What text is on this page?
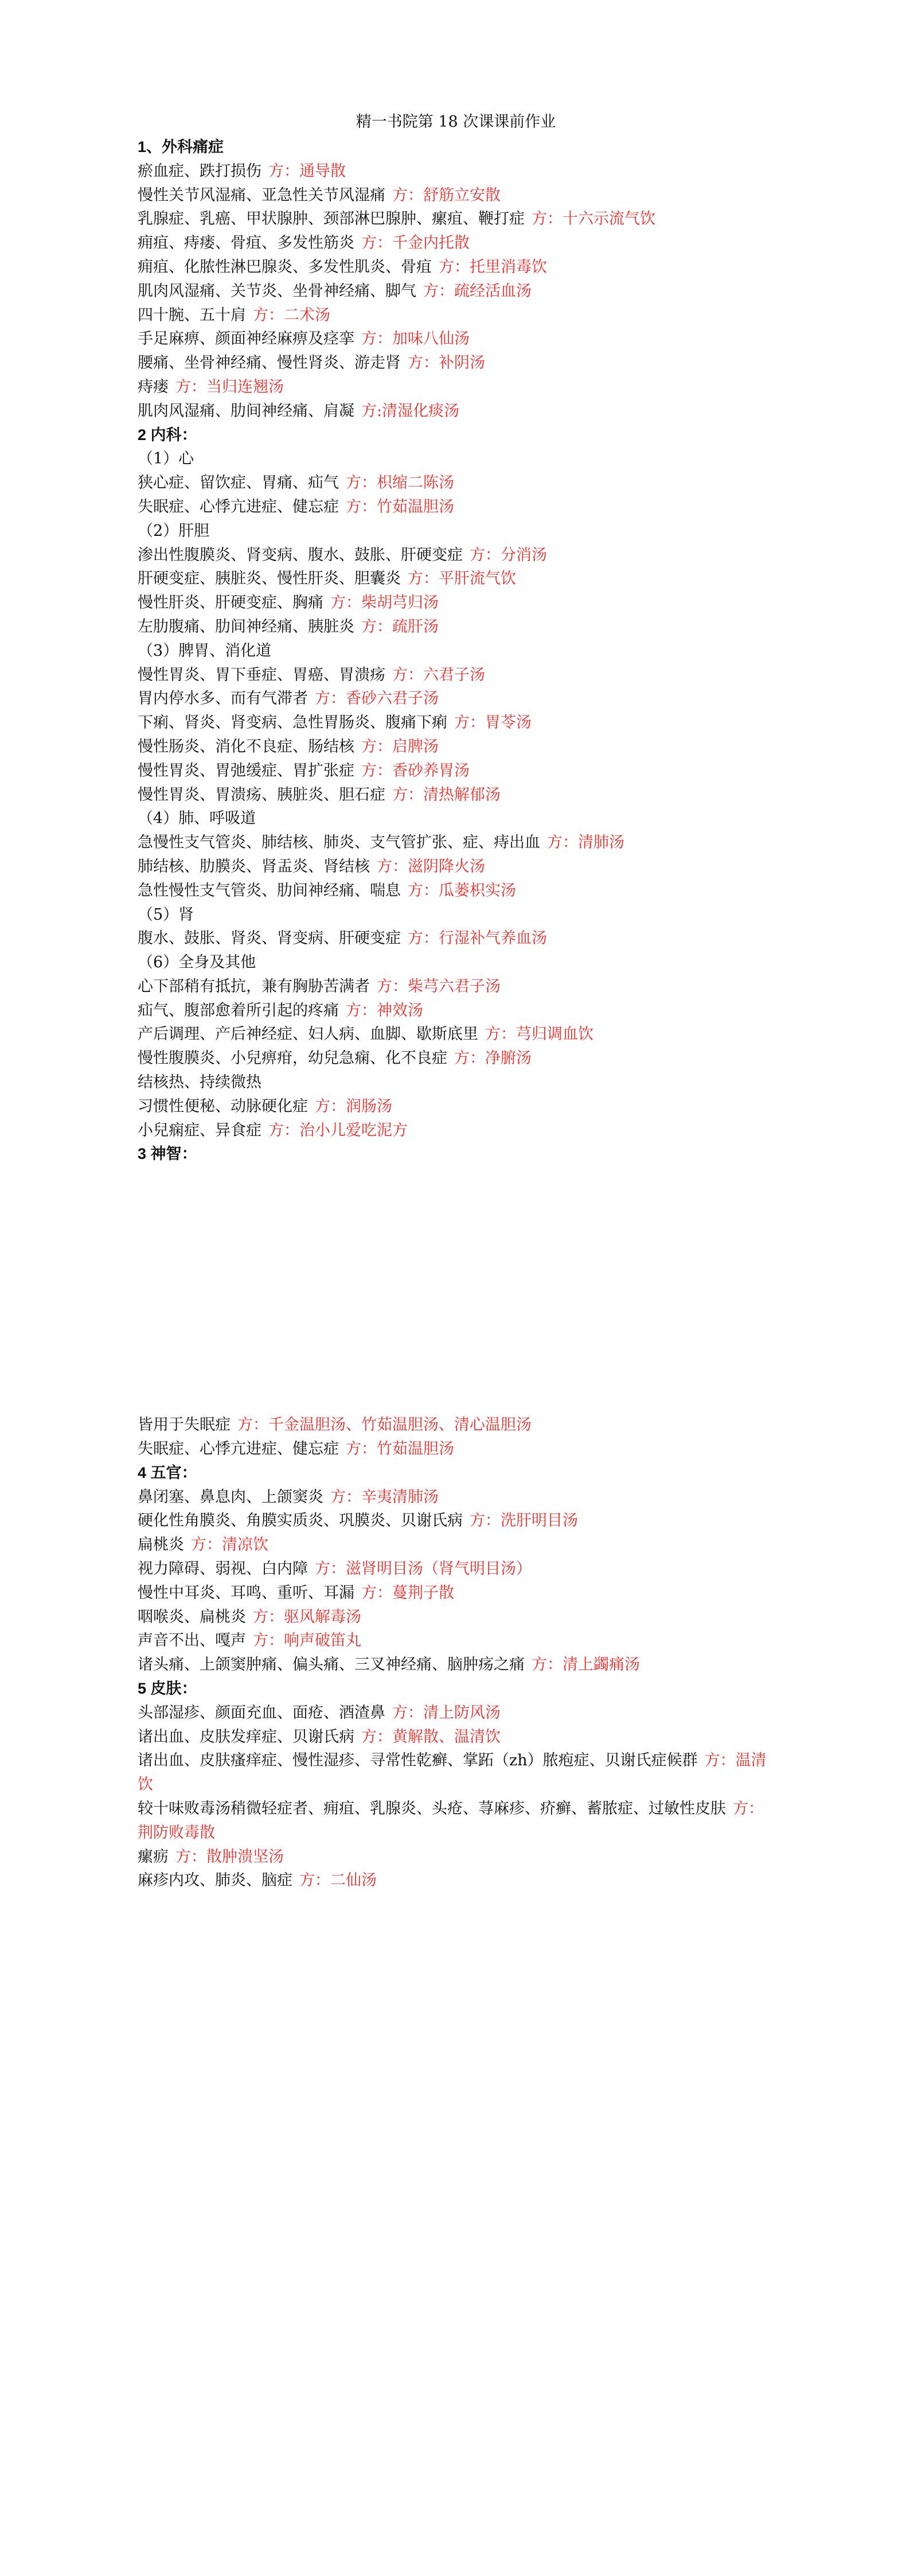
精一书院第 18 次课课前作业
1、外科痛症
瘀血症、跌打损伤 方：通导散
慢性关节风湿痛、亚急性关节风湿痛 方：舒筋立安散
乳腺症、乳癌、甲状腺肿、颈部淋巴腺肿、瘰疽、鞭打症 方：十六示流气饮
痈疽、痔瘘、骨疽、多发性筋炎 方：千金内托散
痈疽、化脓性淋巴腺炎、多发性肌炎、骨疽 方：托里消毒饮
肌肉风湿痛、关节炎、坐骨神经痛、脚气 方：疏经活血汤
四十腕、五十肩 方：二术汤
手足麻痹、颜面神经麻痹及痉挛 方：加味八仙汤
腰痛、坐骨神经痛、慢性肾炎、游走肾 方：补阴汤
痔瘘 方：当归连翘汤
肌肉风湿痛、肋间神经痛、肩凝 方:清湿化痰汤
2 内科：
（1）心
狭心症、留饮症、胃痛、疝气 方：枳缩二陈汤
失眠症、心悸亢进症、健忘症 方：竹茹温胆汤
（2）肝胆
渗出性腹膜炎、肾变病、腹水、鼓胀、肝硬变症 方：分消汤
肝硬变症、胰脏炎、慢性肝炎、胆囊炎 方：平肝流气饮
慢性肝炎、肝硬变症、胸痛 方：柴胡芎归汤
左肋腹痛、肋间神经痛、胰脏炎 方：疏肝汤
（3）脾胃、消化道
慢性胃炎、胃下垂症、胃癌、胃溃疡 方：六君子汤
胃内停水多、而有气滞者 方：香砂六君子汤
下痢、肾炎、肾变病、急性胃肠炎、腹痛下痢 方：胃苓汤
慢性肠炎、消化不良症、肠结核 方：启脾汤
慢性胃炎、胃弛缓症、胃扩张症 方：香砂养胃汤
慢性胃炎、胃溃疡、胰脏炎、胆石症 方：清热解郁汤
（4）肺、呼吸道
急慢性支气管炎、肺结核、肺炎、支气管扩张、症、痔出血 方：清肺汤
肺结核、肋膜炎、肾盂炎、肾结核 方：滋阴降火汤
急性慢性支气管炎、肋间神经痛、喘息 方：瓜蒌枳实汤
（5）肾
腹水、鼓胀、肾炎、肾变病、肝硬变症 方：行湿补气养血汤
（6）全身及其他
心下部稍有抵抗，兼有胸胁苦满者 方：柴芎六君子汤
疝气、腹部愈着所引起的疼痛 方：神效汤
产后调理、产后神经症、妇人病、血脚、歇斯底里 方：芎归调血饮
慢性腹膜炎、小兒痹疳，幼兒急痫、化不良症 方：净腑汤
结核热、持续微热
习惯性便秘、动脉硬化症 方：润肠汤
小兒痫症、异食症 方：治小儿爱吃泥方
3 神智：
皆用于失眠症 方：千金温胆汤、竹茹温胆汤、清心温胆汤
失眠症、心悸亢进症、健忘症 方：竹茹温胆汤
4 五官：
鼻闭塞、鼻息肉、上颌窦炎 方：辛夷清肺汤
硬化性角膜炎、角膜实质炎、巩膜炎、贝谢氏病 方：洗肝明目汤
扁桃炎 方：清凉饮
视力障碍、弱视、白内障 方：滋肾明目汤（肾气明目汤）
慢性中耳炎、耳鸣、重听、耳漏 方：蔓荆子散
咽喉炎、扁桃炎 方：驱风解毒汤
声音不出、嘎声 方：响声破笛丸
诸头痛、上颌窦肿痛、偏头痛、三叉神经痛、脑肿疡之痛 方：清上蠲痛汤
5 皮肤：
头部湿疹、颜面充血、面疮、酒渣鼻 方：清上防风汤
诸出血、皮肤发痒症、贝谢氏病 方：黄解散、温清饮
诸出血、皮肤瘙痒症、慢性湿疹、寻常性乾癣、掌跖（zh）脓疱症、贝谢氏症候群 方：温清饮
较十味败毒汤稍微轻症者、痈疽、乳腺炎、头疮、荨麻疹、疥癣、蓄脓症、过敏性皮肤 方：荆防败毒散
瘰疬 方：散肿溃坚汤
麻疹内攻、肺炎、脑症 方：二仙汤
